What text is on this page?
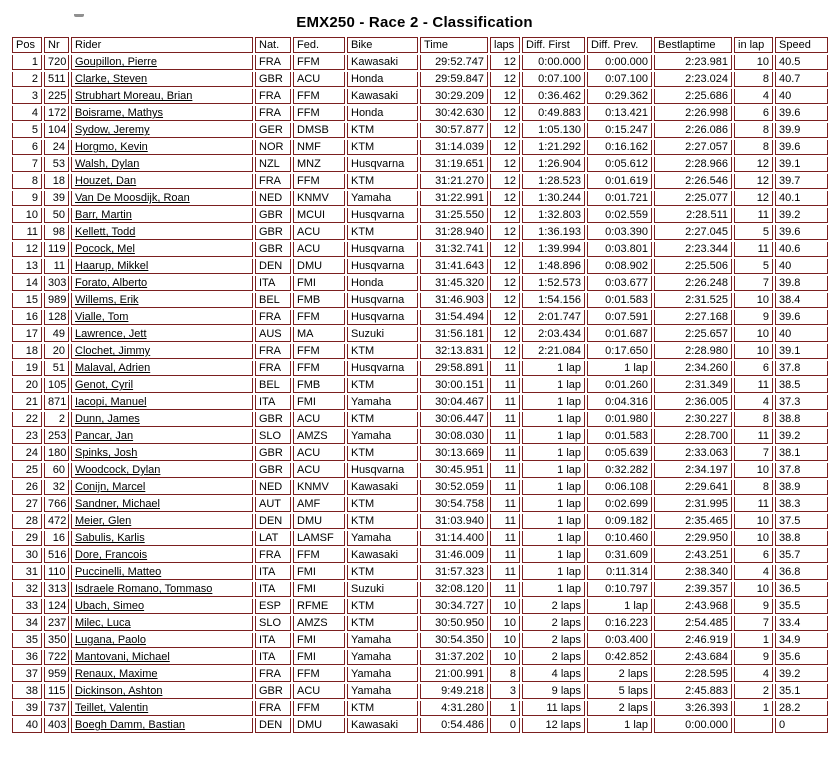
EMX250 - Race 2 - Classification
Pos	Nr	Rider	Nat.	Fed.	Bike	Time	laps	Diff. First	Diff. Prev.	Bestlaptime	in lap	Speed
1	720	Goupillon, Pierre	FRA	FFM	Kawasaki	29:52.747	12	0:00.000	0:00.000	2:23.981	10	40.5
2	511	Clarke, Steven	GBR	ACU	Honda	29:59.847	12	0:07.100	0:07.100	2:23.024	8	40.7
3	225	Strubhart Moreau, Brian	FRA	FFM	Kawasaki	30:29.209	12	0:36.462	0:29.362	2:25.686	4	40
4	172	Boisrame, Mathys	FRA	FFM	Honda	30:42.630	12	0:49.883	0:13.421	2:26.998	6	39.6
5	104	Sydow, Jeremy	GER	DMSB	KTM	30:57.877	12	1:05.130	0:15.247	2:26.086	8	39.9
6	24	Horgmo, Kevin	NOR	NMF	KTM	31:14.039	12	1:21.292	0:16.162	2:27.057	8	39.6
7	53	Walsh, Dylan	NZL	MNZ	Husqvarna	31:19.651	12	1:26.904	0:05.612	2:28.966	12	39.1
8	18	Houzet, Dan	FRA	FFM	KTM	31:21.270	12	1:28.523	0:01.619	2:26.546	12	39.7
9	39	Van De Moosdijk, Roan	NED	KNMV	Yamaha	31:22.991	12	1:30.244	0:01.721	2:25.077	12	40.1
10	50	Barr, Martin	GBR	MCUI	Husqvarna	31:25.550	12	1:32.803	0:02.559	2:28.511	11	39.2
11	98	Kellett, Todd	GBR	ACU	KTM	31:28.940	12	1:36.193	0:03.390	2:27.045	5	39.6
12	119	Pocock, Mel	GBR	ACU	Husqvarna	31:32.741	12	1:39.994	0:03.801	2:23.344	11	40.6
13	11	Haarup, Mikkel	DEN	DMU	Husqvarna	31:41.643	12	1:48.896	0:08.902	2:25.506	5	40
14	303	Forato, Alberto	ITA	FMI	Honda	31:45.320	12	1:52.573	0:03.677	2:26.248	7	39.8
15	989	Willems, Erik	BEL	FMB	Husqvarna	31:46.903	12	1:54.156	0:01.583	2:31.525	10	38.4
16	128	Vialle, Tom	FRA	FFM	Husqvarna	31:54.494	12	2:01.747	0:07.591	2:27.168	9	39.6
17	49	Lawrence, Jett	AUS	MA	Suzuki	31:56.181	12	2:03.434	0:01.687	2:25.657	10	40
18	20	Clochet, Jimmy	FRA	FFM	KTM	32:13.831	12	2:21.084	0:17.650	2:28.980	10	39.1
19	51	Malaval, Adrien	FRA	FFM	Husqvarna	29:58.891	11	1 lap	1 lap	2:34.260	6	37.8
20	105	Genot, Cyril	BEL	FMB	KTM	30:00.151	11	1 lap	0:01.260	2:31.349	11	38.5
21	871	Iacopi, Manuel	ITA	FMI	Yamaha	30:04.467	11	1 lap	0:04.316	2:36.005	4	37.3
22	2	Dunn, James	GBR	ACU	KTM	30:06.447	11	1 lap	0:01.980	2:30.227	8	38.8
23	253	Pancar, Jan	SLO	AMZS	Yamaha	30:08.030	11	1 lap	0:01.583	2:28.700	11	39.2
24	180	Spinks, Josh	GBR	ACU	KTM	30:13.669	11	1 lap	0:05.639	2:33.063	7	38.1
25	60	Woodcock, Dylan	GBR	ACU	Husqvarna	30:45.951	11	1 lap	0:32.282	2:34.197	10	37.8
26	32	Conijn, Marcel	NED	KNMV	Kawasaki	30:52.059	11	1 lap	0:06.108	2:29.641	8	38.9
27	766	Sandner, Michael	AUT	AMF	KTM	30:54.758	11	1 lap	0:02.699	2:31.995	11	38.3
28	472	Meier, Glen	DEN	DMU	KTM	31:03.940	11	1 lap	0:09.182	2:35.465	10	37.5
29	16	Sabulis, Karlis	LAT	LAMSF	Yamaha	31:14.400	11	1 lap	0:10.460	2:29.950	10	38.8
30	516	Dore, Francois	FRA	FFM	Kawasaki	31:46.009	11	1 lap	0:31.609	2:43.251	6	35.7
31	110	Puccinelli, Matteo	ITA	FMI	KTM	31:57.323	11	1 lap	0:11.314	2:38.340	4	36.8
32	313	Isdraele Romano, Tommaso	ITA	FMI	Suzuki	32:08.120	11	1 lap	0:10.797	2:39.357	10	36.5
33	124	Ubach, Simeo	ESP	RFME	KTM	30:34.727	10	2 laps	1 lap	2:43.968	9	35.5
34	237	Milec, Luca	SLO	AMZS	KTM	30:50.950	10	2 laps	0:16.223	2:54.485	7	33.4
35	350	Lugana, Paolo	ITA	FMI	Yamaha	30:54.350	10	2 laps	0:03.400	2:46.919	1	34.9
36	722	Mantovani, Michael	ITA	FMI	Yamaha	31:37.202	10	2 laps	0:42.852	2:43.684	9	35.6
37	959	Renaux, Maxime	FRA	FFM	Yamaha	21:00.991	8	4 laps	2 laps	2:28.595	4	39.2
38	115	Dickinson, Ashton	GBR	ACU	Yamaha	9:49.218	3	9 laps	5 laps	2:45.883	2	35.1
39	737	Teillet, Valentin	FRA	FFM	KTM	4:31.280	1	11 laps	2 laps	3:26.393	1	28.2
40	403	Boegh Damm, Bastian	DEN	DMU	Kawasaki	0:54.486	0	12 laps	1 lap	0:00.000		0
